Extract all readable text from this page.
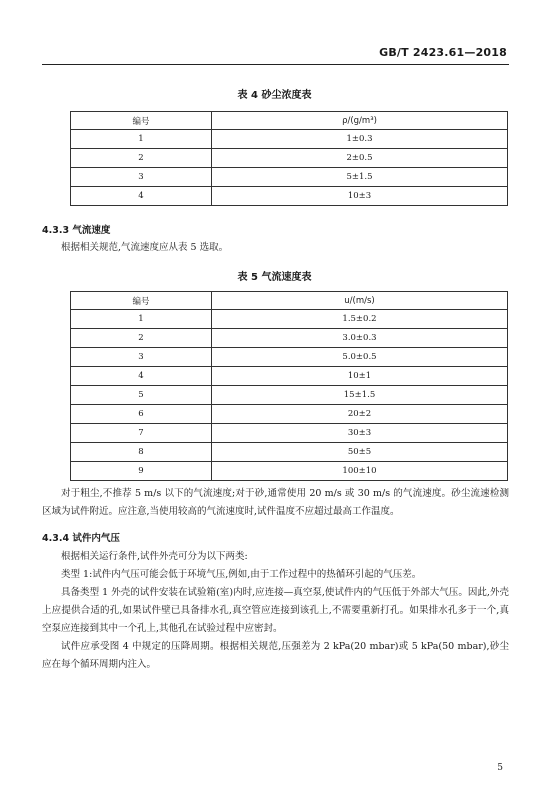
GB/T 2423.61—2018
表 4 砂尘浓度表
编号	ρ/(g/m³)
1	1±0.3
2	2±0.5
3	5±1.5
4	10±3
4.3.3 气流速度

根据相关规范,气流速度应从表 5 选取。

表 5 气流速度表
编号	u/(m/s)
1	1.5±0.2
2	3.0±0.3
3	5.0±0.5
4	10±1
5	15±1.5
6	20±2
7	30±3
8	50±5
9	100±10

对于粗尘,不推荐 5 m/s 以下的气流速度;对于砂,通常使用 20 m/s 或 30 m/s 的气流速度。砂尘流速检测区域为试件附近。应注意,当使用较高的气流速度时,试件温度不应超过最高工作温度。

4.3.4 试件内气压

根据相关运行条件,试件外壳可分为以下两类:

类型 1:试件内气压可能会低于环境气压,例如,由于工作过程中的热循环引起的气压差。

具备类型 1 外壳的试件安装在试验箱(室)内时,应连接—真空泵,使试件内的气压低于外部大气压。因此,外壳上应提供合适的孔,如果试件壁已具备排水孔,真空管应连接到该孔上,不需要重新打孔。如果排水孔多于一个,真空泵应连接到其中一个孔上,其他孔在试验过程中应密封。

试件应承受图 4 中规定的压降周期。根据相关规范,压强差为 2 kPa(20 mbar)或 5 kPa(50 mbar),砂尘应在每个循环周期内注入。

5
